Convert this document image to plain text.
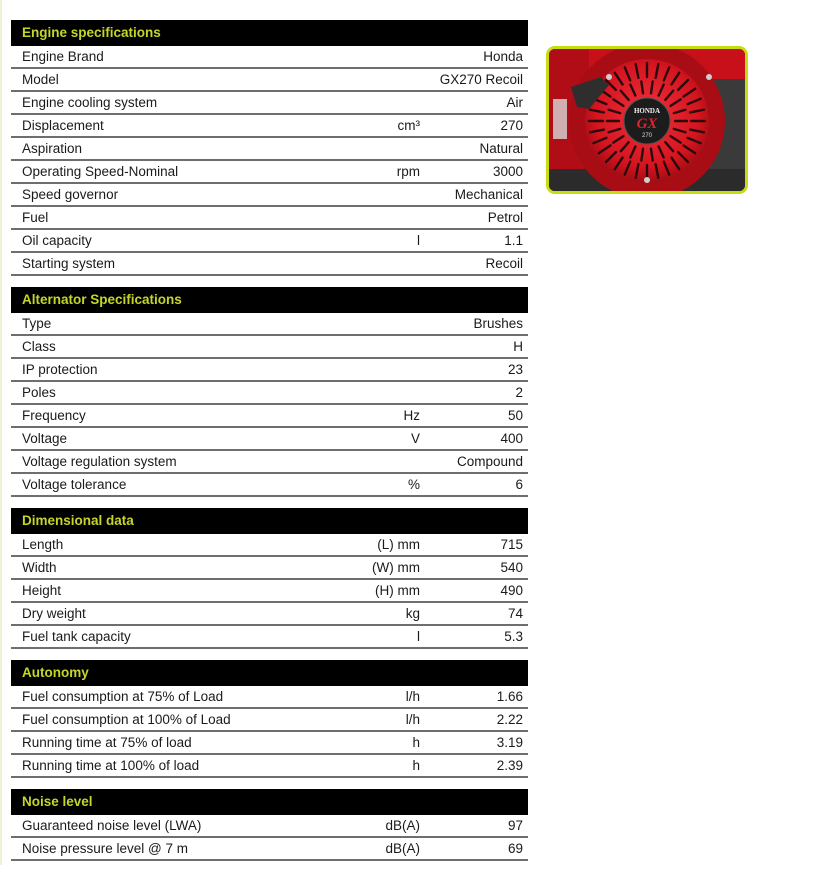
Engine specifications
Engine Brand	Honda
Model	GX270 Recoil
Engine cooling system	Air
Displacement	cm³	270
Aspiration	Natural
Operating Speed-Nominal	rpm	3000
Speed governor	Mechanical
Fuel	Petrol
Oil capacity	l	1.1
Starting system	Recoil
Alternator Specifications
Type	Brushes
Class	H
IP protection	23
Poles	2
Frequency	Hz	50
Voltage	V	400
Voltage regulation system	Compound
Voltage tolerance	%	6
Dimensional data
Length	(L) mm	715
Width	(W) mm	540
Height	(H) mm	490
Dry weight	kg	74
Fuel tank capacity	l	5.3
Autonomy
Fuel consumption at 75% of Load	l/h	1.66
Fuel consumption at 100% of Load	l/h	2.22
Running time at 75% of load	h	3.19
Running time at 100% of load	h	2.39
Noise level
Guaranteed noise level (LWA)	dB(A)	97
Noise pressure level @ 7 m	dB(A)	69
HONDA
GX
270
